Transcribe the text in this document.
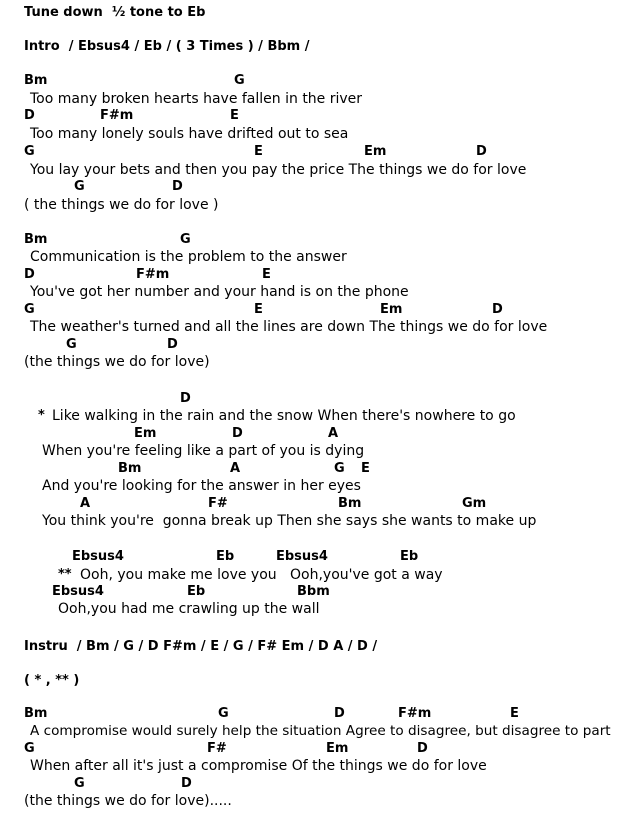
Tune down  ½ tone to Eb
Intro  / Ebsus4 / Eb / ( 3 Times ) / Bbm /
Bm	G
Too many broken hearts have fallen in the river
D	F#m	E
Too many lonely souls have drifted out to sea
G	E	Em	D
You lay your bets and then you pay the price The things we do for love
G	D
( the things we do for love )
Bm	G
Communication is the problem to the answer
D	F#m	E
You've got her number and your hand is on the phone
G	E	Em	D
The weather's turned and all the lines are down The things we do for love
G	D
(the things we do for love)
D
* Like walking in the rain and the snow When there's nowhere to go
Em	D	A
When you're feeling like a part of you is dying
Bm	A	G E
And you're looking for the answer in her eyes
A	F#	Bm	Gm
You think you're  gonna break up Then she says she wants to make up
Ebsus4	Eb	Ebsus4	Eb
** Ooh, you make me love you   Ooh,you've got a way
Ebsus4	Eb	Bbm
Ooh,you had me crawling up the wall
Instru  / Bm / G / D F#m / E / G / F# Em / D A / D /
( * , ** )
Bm	G	D	F#m	E
A compromise would surely help the situation Agree to disagree, but disagree to part
G	F#	Em	D
When after all it's just a compromise Of the things we do for love
G	D
(the things we do for love).....
